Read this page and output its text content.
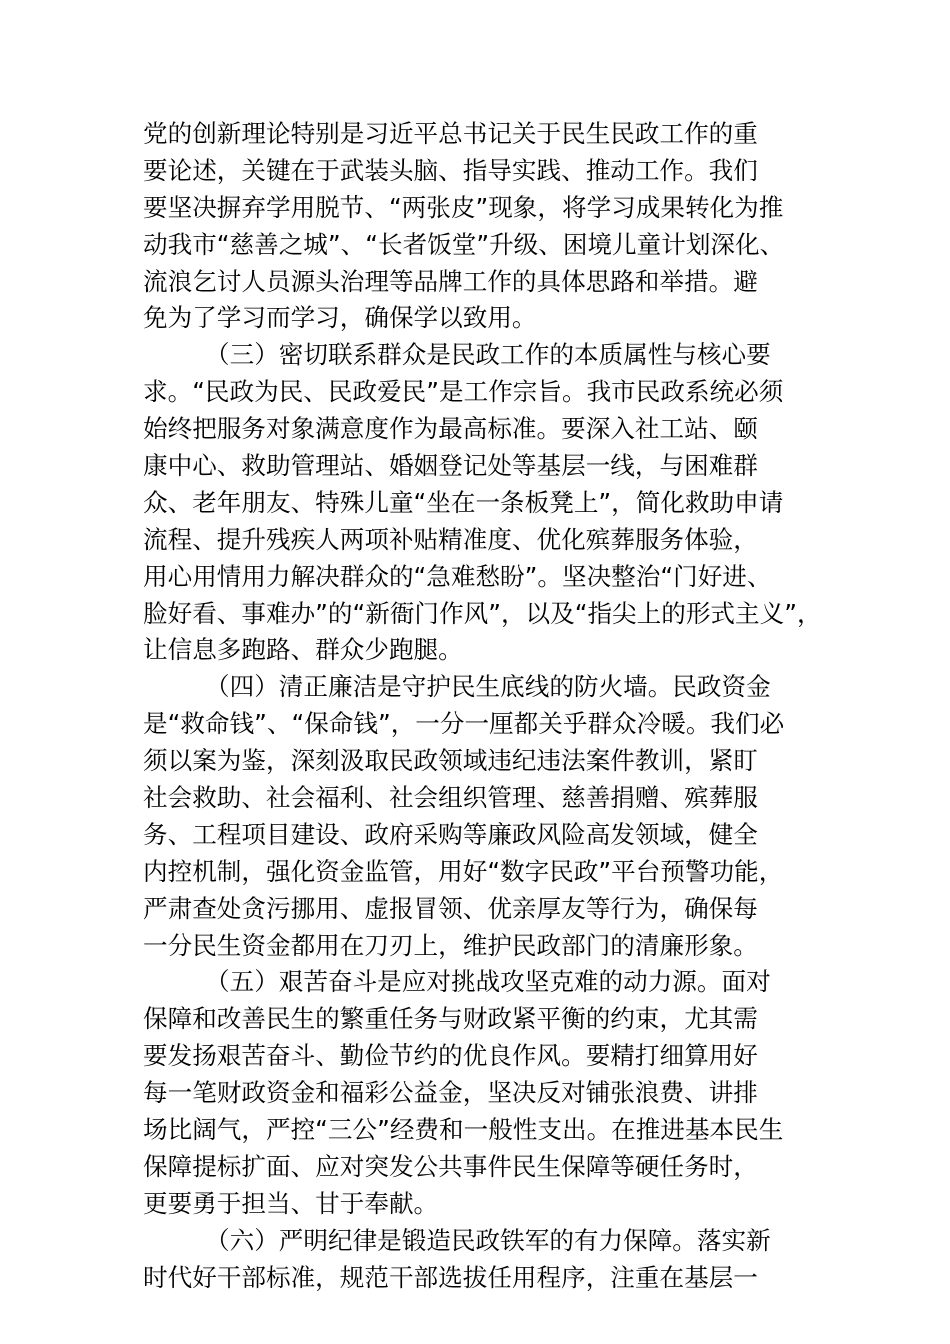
党的创新理论特别是习近平总书记关于民生民政工作的重
要论述，关键在于武装头脑、指导实践、推动工作。我们
要坚决摒弃学用脱节、“两张皮”现象，将学习成果转化为推
动我市“慈善之城”、“长者饭堂”升级、困境儿童计划深化、
流浪乞讨人员源头治理等品牌工作的具体思路和举措。避
免为了学习而学习，确保学以致用。
（三）密切联系群众是民政工作的本质属性与核心要
求。“民政为民、民政爱民”是工作宗旨。我市民政系统必须
始终把服务对象满意度作为最高标准。要深入社工站、颐
康中心、救助管理站、婚姻登记处等基层一线，与困难群
众、老年朋友、特殊儿童“坐在一条板凳上”，简化救助申请
流程、提升残疾人两项补贴精准度、优化殡葬服务体验，
用心用情用力解决群众的“急难愁盼”。坚决整治“门好进、
脸好看、事难办”的“新衙门作风”，以及“指尖上的形式主义”，
让信息多跑路、群众少跑腿。
（四）清正廉洁是守护民生底线的防火墙。民政资金
是“救命钱”、“保命钱”，一分一厘都关乎群众冷暖。我们必
须以案为鉴，深刻汲取民政领域违纪违法案件教训，紧盯
社会救助、社会福利、社会组织管理、慈善捐赠、殡葬服
务、工程项目建设、政府采购等廉政风险高发领域，健全
内控机制，强化资金监管，用好“数字民政”平台预警功能，
严肃查处贪污挪用、虚报冒领、优亲厚友等行为，确保每
一分民生资金都用在刀刃上，维护民政部门的清廉形象。
（五）艰苦奋斗是应对挑战攻坚克难的动力源。面对
保障和改善民生的繁重任务与财政紧平衡的约束，尤其需
要发扬艰苦奋斗、勤俭节约的优良作风。要精打细算用好
每一笔财政资金和福彩公益金，坚决反对铺张浪费、讲排
场比阔气，严控“三公”经费和一般性支出。在推进基本民生
保障提标扩面、应对突发公共事件民生保障等硬任务时，
更要勇于担当、甘于奉献。
（六）严明纪律是锻造民政铁军的有力保障。落实新
时代好干部标准，规范干部选拔任用程序，注重在基层一
